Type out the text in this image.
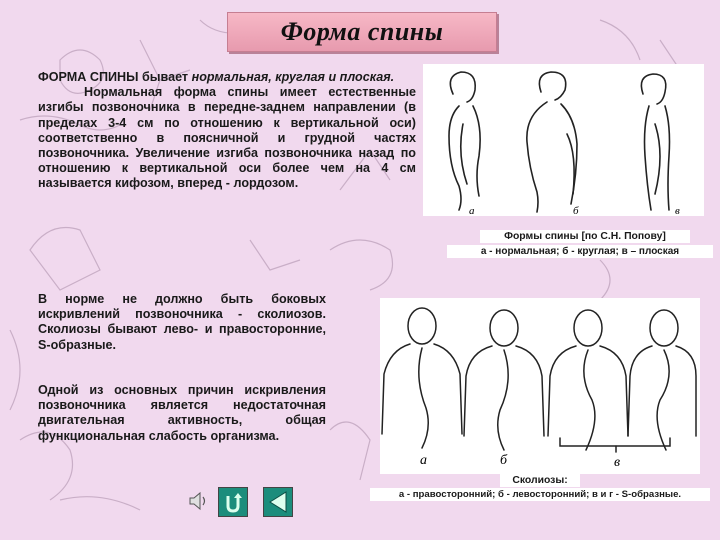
Форма спины
ФОРМА СПИНЫ бывает нормальная, круглая и плоская.
Нормальная форма спины имеет естественные изгибы позвоночника в передне-заднем направлении (в пределах 3-4 см по отношению к вертикальной оси) соответственно в поясничной и грудной частях позвоночника. Увеличение изгиба позвоночника назад по отношению к вертикальной оси более чем на 4 см называется кифозом, вперед - лордозом.
В норме не должно быть боковых искривлений позвоночника - сколиозов. Сколиозы бывают лево- и правосторонние, S-образные.
Одной из основных причин искривления позвоночника является недостаточная двигательная активность, общая функциональная слабость организма.
а	б	в
Формы спины [по С.Н. Попову]
а - нормальная; б - круглая; в – плоская
а	б	в
Сколиозы:
а - правосторонний; б - левосторонний; в и г - S-образные.
